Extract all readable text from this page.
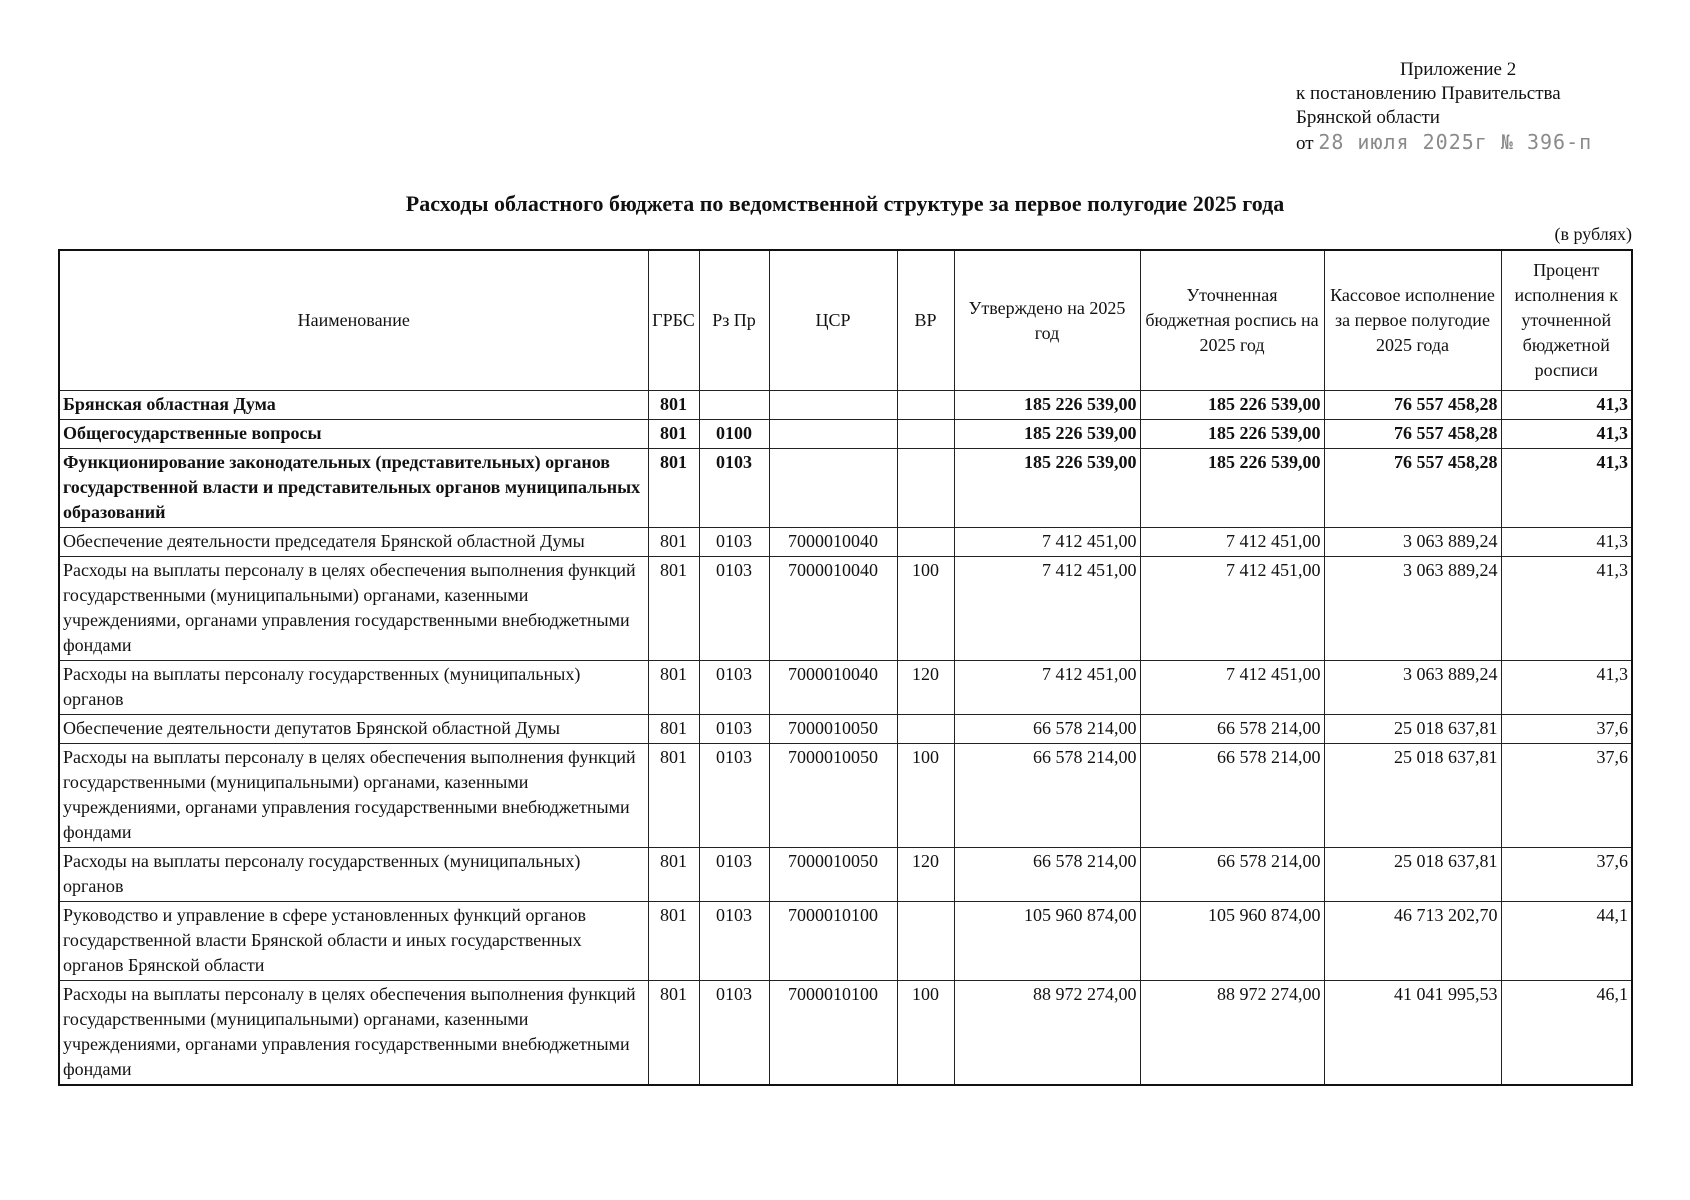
Приложение 2
к постановлению Правительства
Брянской области
от 28 июля 2025г № 396-п
Расходы областного бюджета по ведомственной структуре за первое полугодие 2025 года
(в рублях)
Наименование	ГРБС	Рз Пр	ЦСР	ВР	Утверждено на 2025 год	Уточненная бюджетная роспись на 2025 год	Кассовое исполнение за первое полугодие 2025 года	Процент исполнения к уточненной бюджетной росписи
Брянская областная Дума	801				185 226 539,00	185 226 539,00	76 557 458,28	41,3
Общегосударственные вопросы	801	0100			185 226 539,00	185 226 539,00	76 557 458,28	41,3
Функционирование законодательных (представительных) органов государственной власти и представительных органов муниципальных образований	801	0103			185 226 539,00	185 226 539,00	76 557 458,28	41,3
Обеспечение деятельности председателя Брянской областной Думы	801	0103	7000010040		7 412 451,00	7 412 451,00	3 063 889,24	41,3
Расходы на выплаты персоналу в целях обеспечения выполнения функций государственными (муниципальными) органами, казенными учреждениями, органами управления государственными внебюджетными фондами	801	0103	7000010040	100	7 412 451,00	7 412 451,00	3 063 889,24	41,3
Расходы на выплаты персоналу государственных (муниципальных) органов	801	0103	7000010040	120	7 412 451,00	7 412 451,00	3 063 889,24	41,3
Обеспечение деятельности депутатов Брянской областной Думы	801	0103	7000010050		66 578 214,00	66 578 214,00	25 018 637,81	37,6
Расходы на выплаты персоналу в целях обеспечения выполнения функций государственными (муниципальными) органами, казенными учреждениями, органами управления государственными внебюджетными фондами	801	0103	7000010050	100	66 578 214,00	66 578 214,00	25 018 637,81	37,6
Расходы на выплаты персоналу государственных (муниципальных) органов	801	0103	7000010050	120	66 578 214,00	66 578 214,00	25 018 637,81	37,6
Руководство и управление в сфере установленных функций органов государственной власти Брянской области и иных государственных органов Брянской области	801	0103	7000010100		105 960 874,00	105 960 874,00	46 713 202,70	44,1
Расходы на выплаты персоналу в целях обеспечения выполнения функций государственными (муниципальными) органами, казенными учреждениями, органами управления государственными внебюджетными фондами	801	0103	7000010100	100	88 972 274,00	88 972 274,00	41 041 995,53	46,1
